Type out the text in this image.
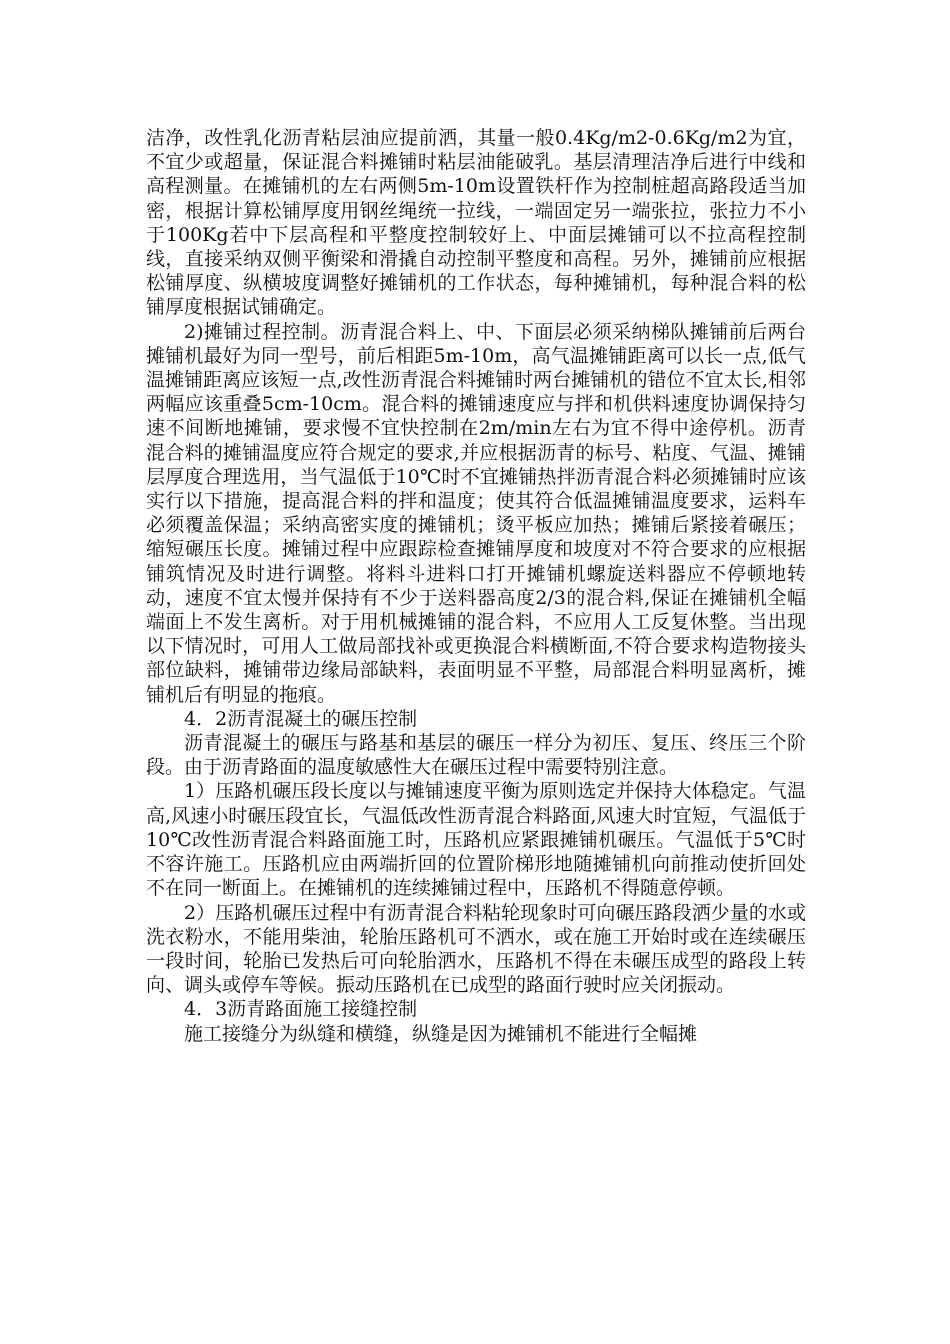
洁净，改性乳化沥青粘层油应提前洒，其量一般0.4Kg/m2-0.6Kg/m2为宜，不宜少或超量，保证混合料摊铺时粘层油能破乳。基层清理洁净后进行中线和高程测量。在摊铺机的左右两侧5m-10m设置铁杆作为控制桩超高路段适当加密，根据计算松铺厚度用钢丝绳统一拉线，一端固定另一端张拉，张拉力不小于100Kg若中下层高程和平整度控制较好上、中面层摊铺可以不拉高程控制线，直接采纳双侧平衡梁和滑撬自动控制平整度和高程。另外，摊铺前应根据松铺厚度、纵横坡度调整好摊铺机的工作状态，每种摊铺机，每种混合料的松铺厚度根据试铺确定。

2)摊铺过程控制。沥青混合料上、中、下面层必须采纳梯队摊铺前后两台摊铺机最好为同一型号，前后相距5m-10m，高气温摊铺距离可以长一点,低气温摊铺距离应该短一点,改性沥青混合料摊铺时两台摊铺机的错位不宜太长,相邻两幅应该重叠5cm-10cm。混合料的摊铺速度应与拌和机供料速度协调保持匀速不间断地摊铺，要求慢不宜快控制在2m/min左右为宜不得中途停机。沥青混合料的摊铺温度应符合规定的要求,并应根据沥青的标号、粘度、气温、摊铺层厚度合理选用，当气温低于10℃时不宜摊铺热拌沥青混合料必须摊铺时应该实行以下措施，提高混合料的拌和温度；使其符合低温摊铺温度要求，运料车必须覆盖保温；采纳高密实度的摊铺机；烫平板应加热；摊铺后紧接着碾压；缩短碾压长度。摊铺过程中应跟踪检查摊铺厚度和坡度对不符合要求的应根据铺筑情况及时进行调整。将料斗进料口打开摊铺机螺旋送料器应不停顿地转动，速度不宜太慢并保持有不少于送料器高度2/3的混合料,保证在摊铺机全幅端面上不发生离析。对于用机械摊铺的混合料，不应用人工反复休整。当出现以下情况时，可用人工做局部找补或更换混合料横断面,不符合要求构造物接头部位缺料，摊铺带边缘局部缺料，表面明显不平整，局部混合料明显离析，摊铺机后有明显的拖痕。

4．2沥青混凝土的碾压控制

沥青混凝土的碾压与路基和基层的碾压一样分为初压、复压、终压三个阶段。由于沥青路面的温度敏感性大在碾压过程中需要特别注意。

1）压路机碾压段长度以与摊铺速度平衡为原则选定并保持大体稳定。气温高,风速小时碾压段宜长，气温低改性沥青混合料路面,风速大时宜短，气温低于10℃改性沥青混合料路面施工时，压路机应紧跟摊铺机碾压。气温低于5℃时不容许施工。压路机应由两端折回的位置阶梯形地随摊铺机向前推动使折回处不在同一断面上。在摊铺机的连续摊铺过程中，压路机不得随意停顿。

2）压路机碾压过程中有沥青混合料粘轮现象时可向碾压路段洒少量的水或洗衣粉水，不能用柴油，轮胎压路机可不洒水，或在施工开始时或在连续碾压一段时间，轮胎已发热后可向轮胎洒水，压路机不得在未碾压成型的路段上转向、调头或停车等候。振动压路机在已成型的路面行驶时应关闭振动。

4．3沥青路面施工接缝控制

施工接缝分为纵缝和横缝，纵缝是因为摊铺机不能进行全幅摊
